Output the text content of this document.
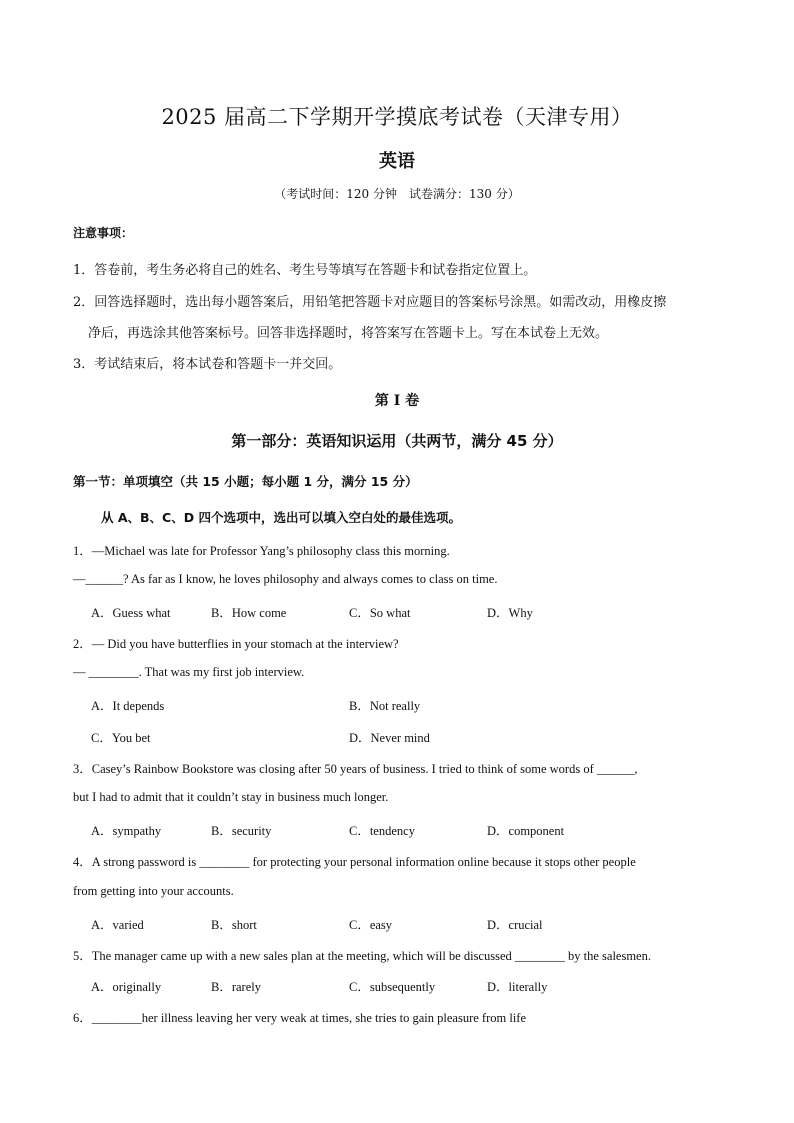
2025 届高二下学期开学摸底考试卷（天津专用）
英语
（考试时间：120 分钟　试卷满分：130 分）
注意事项：
1．答卷前，考生务必将自己的姓名、考生号等填写在答题卡和试卷指定位置上。
2．回答选择题时，选出每小题答案后，用铅笔把答题卡对应题目的答案标号涂黑。如需改动，用橡皮擦
净后，再选涂其他答案标号。回答非选择题时，将答案写在答题卡上。写在本试卷上无效。
3．考试结束后，将本试卷和答题卡一并交回。
第 I 卷
第一部分：英语知识运用（共两节，满分 45 分）
第一节：单项填空（共 15 小题；每小题 1 分，满分 15 分）
从 A、B、C、D 四个选项中，选出可以填入空白处的最佳选项。
1．—Michael was late for Professor Yang’s philosophy class this morning.
—______? As far as I know, he loves philosophy and always comes to class on time.
A．Guess what	B．How come	C．So what	D．Why
2．— Did you have butterflies in your stomach at the interview?
— ________. That was my first job interview.
A．It depends	B．Not really
C．You bet	D．Never mind
3．Casey’s Rainbow Bookstore was closing after 50 years of business. I tried to think of some words of ______,
but I had to admit that it couldn’t stay in business much longer.
A．sympathy	B．security	C．tendency	D．component
4．A strong password is ________ for protecting your personal information online because it stops other people
from getting into your accounts.
A．varied	B．short	C．easy	D．crucial
5．The manager came up with a new sales plan at the meeting, which will be discussed ________ by the salesmen.
A．originally	B．rarely	C．subsequently	D．literally
6．________her illness leaving her very weak at times, she tries to gain pleasure from life
